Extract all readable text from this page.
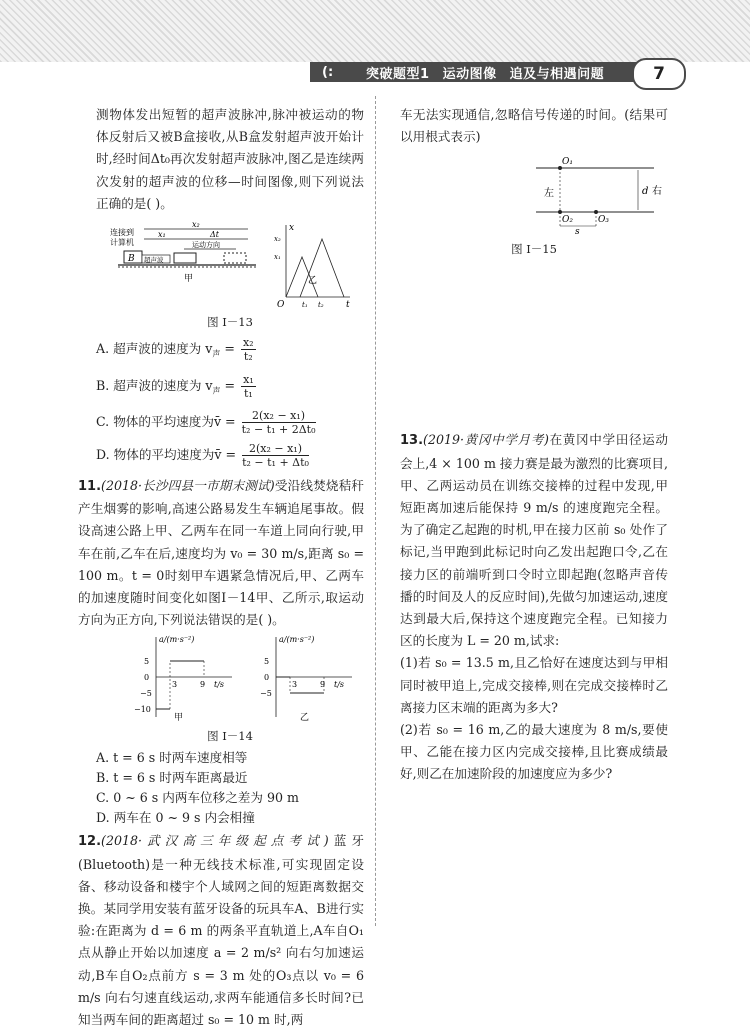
(:	突破题型1 运动图像 追及与相遇问题	7

测物体发出短暂的超声波脉冲,脉冲被运动的物体反射后又被B盒接收,从B盒发射超声波开始计时,经时间Δt₀再次发射超声波脉冲,图乙是连续两次发射的超声波的位移—时间图像,则下列说法正确的是( )。

连接到
计算机
x₂
x₁	Δt
运动方向
B 超声波
甲
x
t
O
x₂
x₁
t₁ t₂
乙
图 Ⅰ－13

A. 超声波的速度为 $v_声 = \frac{\text{x₂}}{\text{t₂}}$

B. 超声波的速度为 $v_声 = \frac{\text{x₁}}{\text{t₁}}$

C. 物体的平均速度为v̄ = $\frac{\text{2(x₂ − x₁)}}{\text{t₂ − t₁ + 2Δt₀}}$

D. 物体的平均速度为v̄ = $\frac{\text{2(x₂ − x₁)}}{\text{t₂ − t₁ + Δt₀}}$

11.(2018·长沙四县一市期末测试)受沿线焚烧秸秆产生烟雾的影响,高速公路易发生车辆追尾事故。假设高速公路上甲、乙两车在同一车道上同向行驶,甲车在前,乙车在后,速度均为 v₀ = 30 m/s,距离 s₀ = 100 m。t = 0时刻甲车遇紧急情况后,甲、乙两车的加速度随时间变化如图Ⅰ－14甲、乙所示,取运动方向为正方向,下列说法错误的是( )。

a/(m·s⁻²)
t/s
5
0
−5
−10
3	9
甲
a/(m·s⁻²)
t/s
5
0
−5
3	9
乙
图 Ⅰ－14

A. t = 6 s 时两车速度相等

B. t = 6 s 时两车距离最近

C. 0 ~ 6 s 内两车位移之差为 90 m

D. 两车在 0 ~ 9 s 内会相撞

12.(2018·武汉高三年级起点考试)蓝牙(Bluetooth)是一种无线技术标准,可实现固定设备、移动设备和楼宇个人域网之间的短距离数据交换。某同学用安装有蓝牙设备的玩具车A、B进行实验:在距离为 d = 6 m 的两条平直轨道上,A车自O₁点从静止开始以加速度 a = 2 m/s² 向右匀加速运动,B车自O₂点前方 s = 3 m 处的O₃点以 v₀ = 6 m/s 向右匀速直线运动,求两车能通信多长时间?已知当两车间的距离超过 s₀ = 10 m 时,两

车无法实现通信,忽略信号传递的时间。(结果可以用根式表示)

O₁
O₂	O₃
左	d 右
s
图 Ⅰ－15

13.(2019·黄冈中学月考)在黄冈中学田径运动会上,4 × 100 m 接力赛是最为激烈的比赛项目,甲、乙两运动员在训练交接棒的过程中发现,甲短距离加速后能保持 9 m/s 的速度跑完全程。为了确定乙起跑的时机,甲在接力区前 s₀ 处作了标记,当甲跑到此标记时向乙发出起跑口令,乙在接力区的前端听到口令时立即起跑(忽略声音传播的时间及人的反应时间),先做匀加速运动,速度达到最大后,保持这个速度跑完全程。已知接力区的长度为 L = 20 m,试求:

(1)若 s₀ = 13.5 m,且乙恰好在速度达到与甲相同时被甲追上,完成交接棒,则在完成交接棒时乙离接力区末端的距离为多大?

(2)若 s₀ = 16 m,乙的最大速度为 8 m/s,要使甲、乙能在接力区内完成交接棒,且比赛成绩最好,则乙在加速阶段的加速度应为多少?
